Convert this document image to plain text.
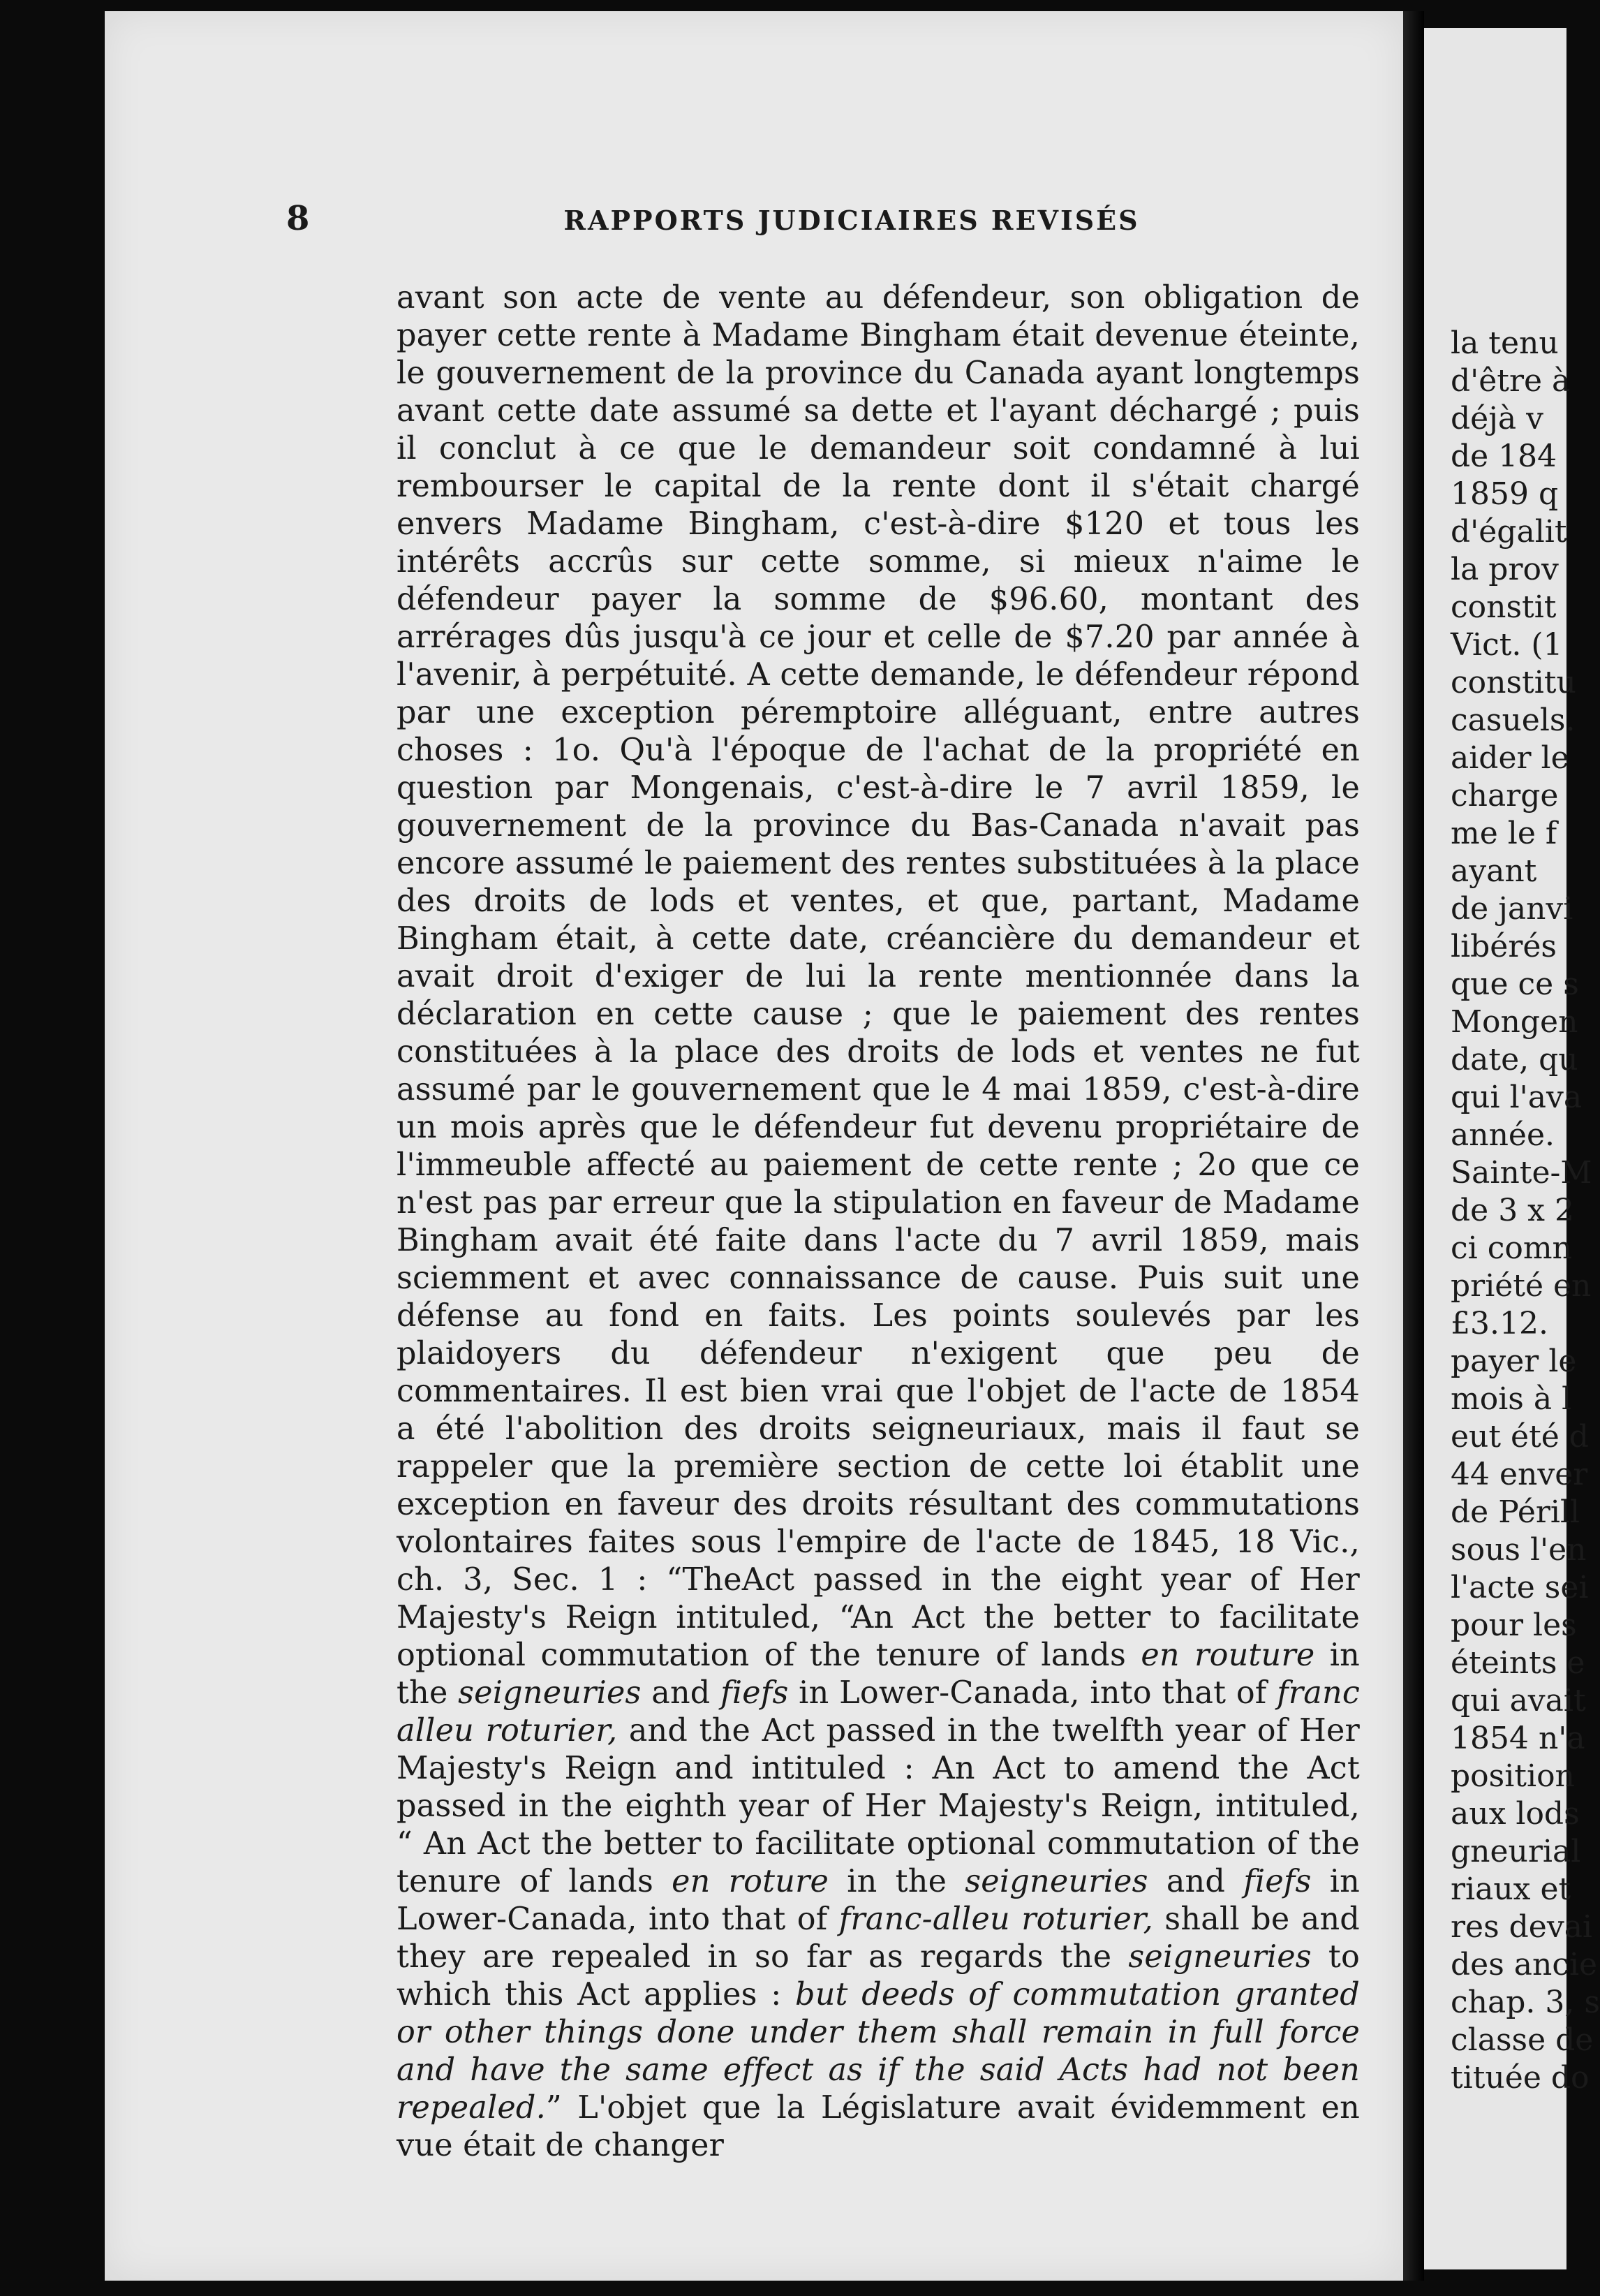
8	RAPPORTS JUDICIAIRES REVISÉS

avant son acte de vente au défendeur, son obligation de payer cette rente à Madame Bingham était devenue éteinte, le gouvernement de la province du Canada ayant longtemps avant cette date assumé sa dette et l'ayant déchargé ; puis il conclut à ce que le demandeur soit condamné à lui rembourser le capital de la rente dont il s'était chargé envers Madame Bingham, c'est-à-dire $120 et tous les intérêts accrûs sur cette somme, si mieux n'aime le défendeur payer la somme de $96.60, montant des arrérages dûs jusqu'à ce jour et celle de $7.20 par année à l'avenir, à perpétuité. A cette demande, le défendeur répond par une exception péremptoire alléguant, entre autres choses : 1o. Qu'à l'époque de l'achat de la propriété en question par Mongenais, c'est-à-dire le 7 avril 1859, le gouvernement de la province du Bas-Canada n'avait pas encore assumé le paiement des rentes substituées à la place des droits de lods et ventes, et que, partant, Madame Bingham était, à cette date, créancière du demandeur et avait droit d'exiger de lui la rente mentionnée dans la déclaration en cette cause ; que le paiement des rentes constituées à la place des droits de lods et ventes ne fut assumé par le gouvernement que le 4 mai 1859, c'est-à-dire un mois après que le défendeur fut devenu propriétaire de l'immeuble affecté au paiement de cette rente ; 2o que ce n'est pas par erreur que la stipulation en faveur de Madame Bingham avait été faite dans l'acte du 7 avril 1859, mais sciemment et avec connaissance de cause. Puis suit une défense au fond en faits. Les points soulevés par les plaidoyers du défendeur n'exigent que peu de commentaires. Il est bien vrai que l'objet de l'acte de 1854 a été l'abolition des droits seigneuriaux, mais il faut se rappeler que la première section de cette loi établit une exception en faveur des droits résultant des commutations volontaires faites sous l'empire de l'acte de 1845, 18 Vic., ch. 3, Sec. 1 : “TheAct passed in the eight year of Her Majesty's Reign intituled, “An Act the better to facilitate optional commutation of the tenure of lands en routure in the seigneuries and fiefs in Lower-Canada, into that of franc alleu roturier, and the Act passed in the twelfth year of Her Majesty's Reign and intituled : An Act to amend the Act passed in the eighth year of Her Majesty's Reign, intituled, “ An Act the better to facilitate optional commutation of the tenure of lands en roture in the seigneuries and fiefs in Lower-Canada, into that of franc-alleu roturier, shall be and they are repealed in so far as regards the seigneuries to which this Act applies : but deeds of commutation granted or other things done under them shall remain in full force and have the same effect as if the said Acts had not been repealed.” L'objet que la Législature avait évidemment en vue était de changer

la tenu
d'être à
déjà v
de 184
1859 q
d'égalit
la prov
constit
Vict. (1
constitu
casuels.
aider le
charge
me le f
ayant
de janvi
libérés
que ce s
Mongen
date, qu
qui l'ava
année.
Sainte-M
de 3 x 2
ci comn
priété en
£3.12.
payer le
mois à l
eut été d
44 enver
de Périll
sous l'en
l'acte sei
pour les
éteints e
qui avait
1854 n'a
position
aux lods
gneurial
riaux et
res devai
des ancie
chap. 3, s
classe de
tituée do
